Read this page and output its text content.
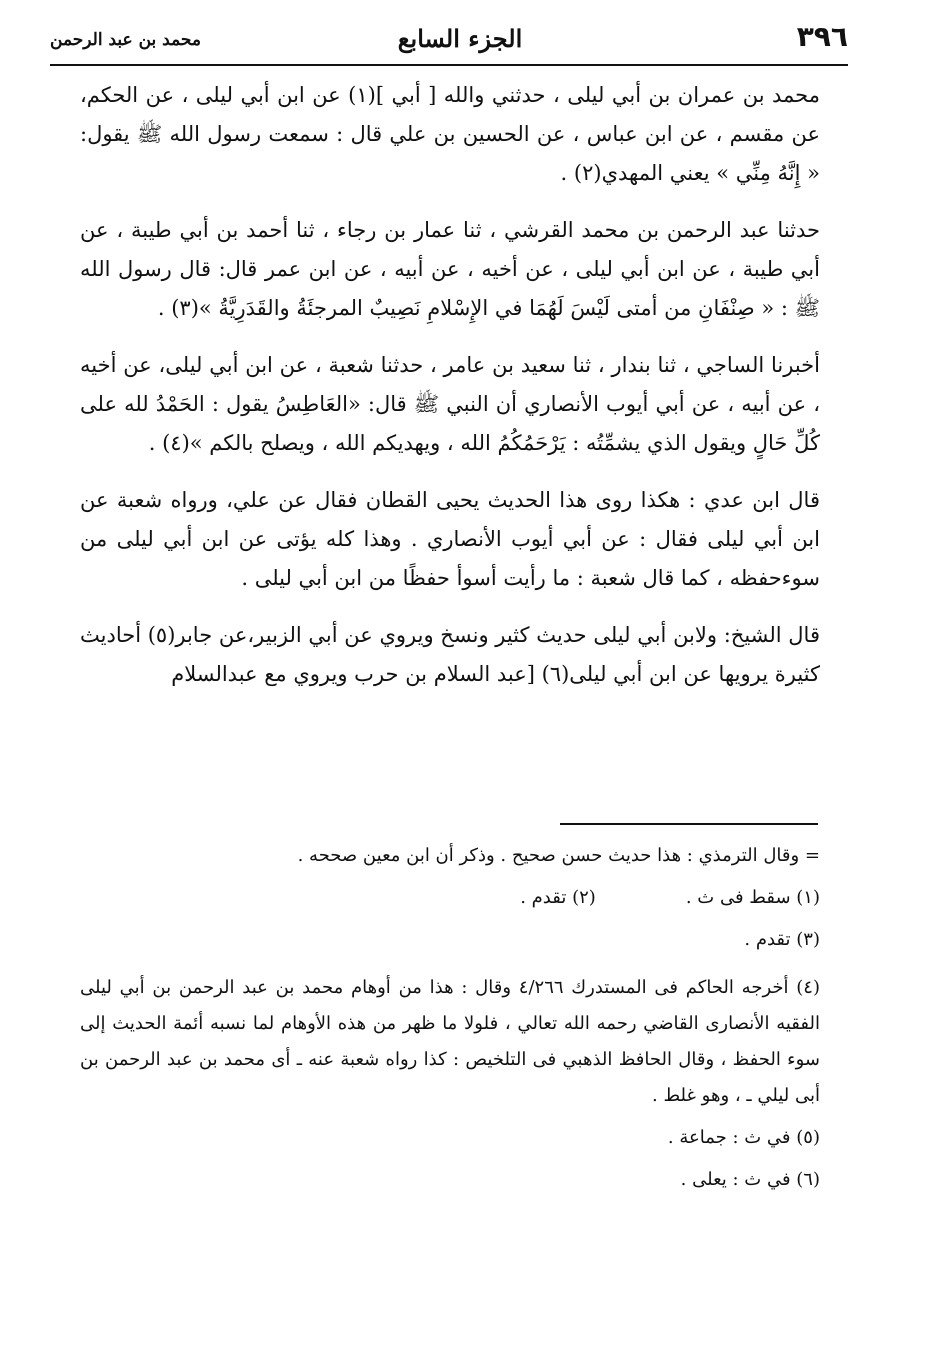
٣٩٦
الجزء السابع
محمد بن عبد الرحمن

محمد بن عمران بن أبي ليلى ، حدثني والله [ أبي ](١) عن ابن أبي ليلى ، عن الحكم، عن مقسم ، عن ابن عباس ، عن الحسين بن علي قال : سمعت رسول الله ﷺ يقول: « إِنَّهُ مِنِّي » يعني المهدي(٢) .

حدثنا عبد الرحمن بن محمد القرشي ، ثنا عمار بن رجاء ، ثنا أحمد بن أبي طيبة ، عن أبي طيبة ، عن ابن أبي ليلى ، عن أخيه ، عن أبيه ، عن ابن عمر قال: قال رسول الله ﷺ : « صِنْفَانِ من أمتى لَيْسَ لَهُمَا في الإِسْلامِ نَصِيبٌ المرجئَةُ والقَدَرِيَّةُ »(٣) .

أخبرنا الساجي ، ثنا بندار ، ثنا سعيد بن عامر ، حدثنا شعبة ، عن ابن أبي ليلى، عن أخيه ، عن أبيه ، عن أبي أيوب الأنصاري أن النبي ﷺ قال: «العَاطِسُ يقول : الحَمْدُ لله على كُلِّ حَالٍ ويقول الذي يشمِّتُه : يَرْحَمُكُمُ الله ، ويهديكم الله ، ويصلح بالكم »(٤) .

قال ابن عدي : هكذا روى هذا الحديث يحيى القطان فقال عن علي، ورواه شعبة عن ابن أبي ليلى فقال : عن أبي أيوب الأنصاري . وهذا كله يؤتى عن ابن أبي ليلى من سوءحفظه ، كما قال شعبة : ما رأيت أسوأ حفظًا من ابن أبي ليلى .

قال الشيخ: ولابن أبي ليلى حديث كثير ونسخ ويروي عن أبي الزبير،عن جابر(٥) أحاديث كثيرة يرويها عن ابن أبي ليلى(٦) [عبد السلام بن حرب ويروي مع عبدالسلام

= وقال الترمذي : هذا حديث حسن صحيح . وذكر أن ابن معين صححه .

(١) سقط فى ث .
(٢) تقدم .

(٣) تقدم .

(٤) أخرجه الحاكم فى المستدرك ٤/٢٦٦ وقال : هذا من أوهام محمد بن عبد الرحمن بن أبي ليلى الفقيه الأنصارى القاضي رحمه الله تعالي ، فلولا ما ظهر من هذه الأوهام لما نسبه أئمة الحديث إلى سوء الحفظ ، وقال الحافظ الذهبي فى التلخيص : كذا رواه شعبة عنه ـ أى محمد بن عبد الرحمن بن أبى ليلي ـ ، وهو غلط .

(٥) في ث : جماعة .

(٦) في ث : يعلى .
